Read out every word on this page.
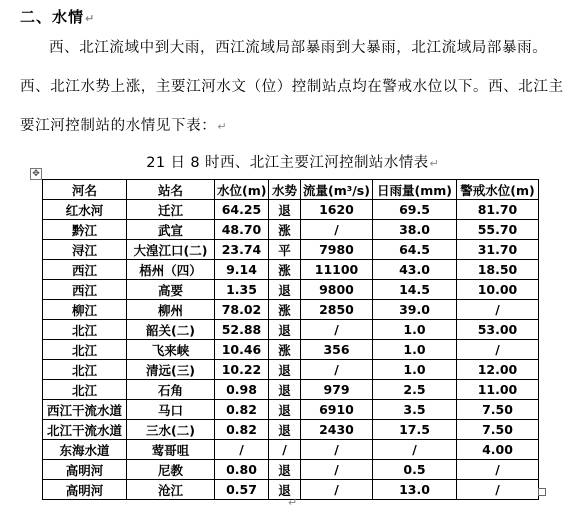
二、水情↵
西、北江流域中到大雨，西江流域局部暴雨到大暴雨，北江流域局部暴雨。西、北江水势上涨，主要江河水文（位）控制站点均在警戒水位以下。西、北江主要江河控制站的水情见下表：↵
21 日 8 时西、北江主要江河控制站水情表↵
✥
河名	站名	水位(m)	水势	流量(m³/s)	日雨量(mm)	警戒水位(m)
红水河	迁江	64.25	退	1620	69.5	81.70
黔江	武宣	48.70	涨	/	38.0	55.70
浔江	大湟江口(二)	23.74	平	7980	64.5	31.70
西江	梧州（四）	9.14	涨	11100	43.0	18.50
西江	高要	1.35	退	9800	14.5	10.00
柳江	柳州	78.02	涨	2850	39.0	/
北江	韶关(二)	52.88	退	/	1.0	53.00
北江	飞来峡	10.46	涨	356	1.0	/
北江	清远(三)	10.22	退	/	1.0	12.00
北江	石角	0.98	退	979	2.5	11.00
西江干流水道	马口	0.82	退	6910	3.5	7.50
北江干流水道	三水(二)	0.82	退	2430	17.5	7.50
东海水道	莺哥咀	/	/	/	/	4.00
高明河	尼教	0.80	退	/	0.5	/
高明河	沧江	0.57	退	/	13.0	/
↵
